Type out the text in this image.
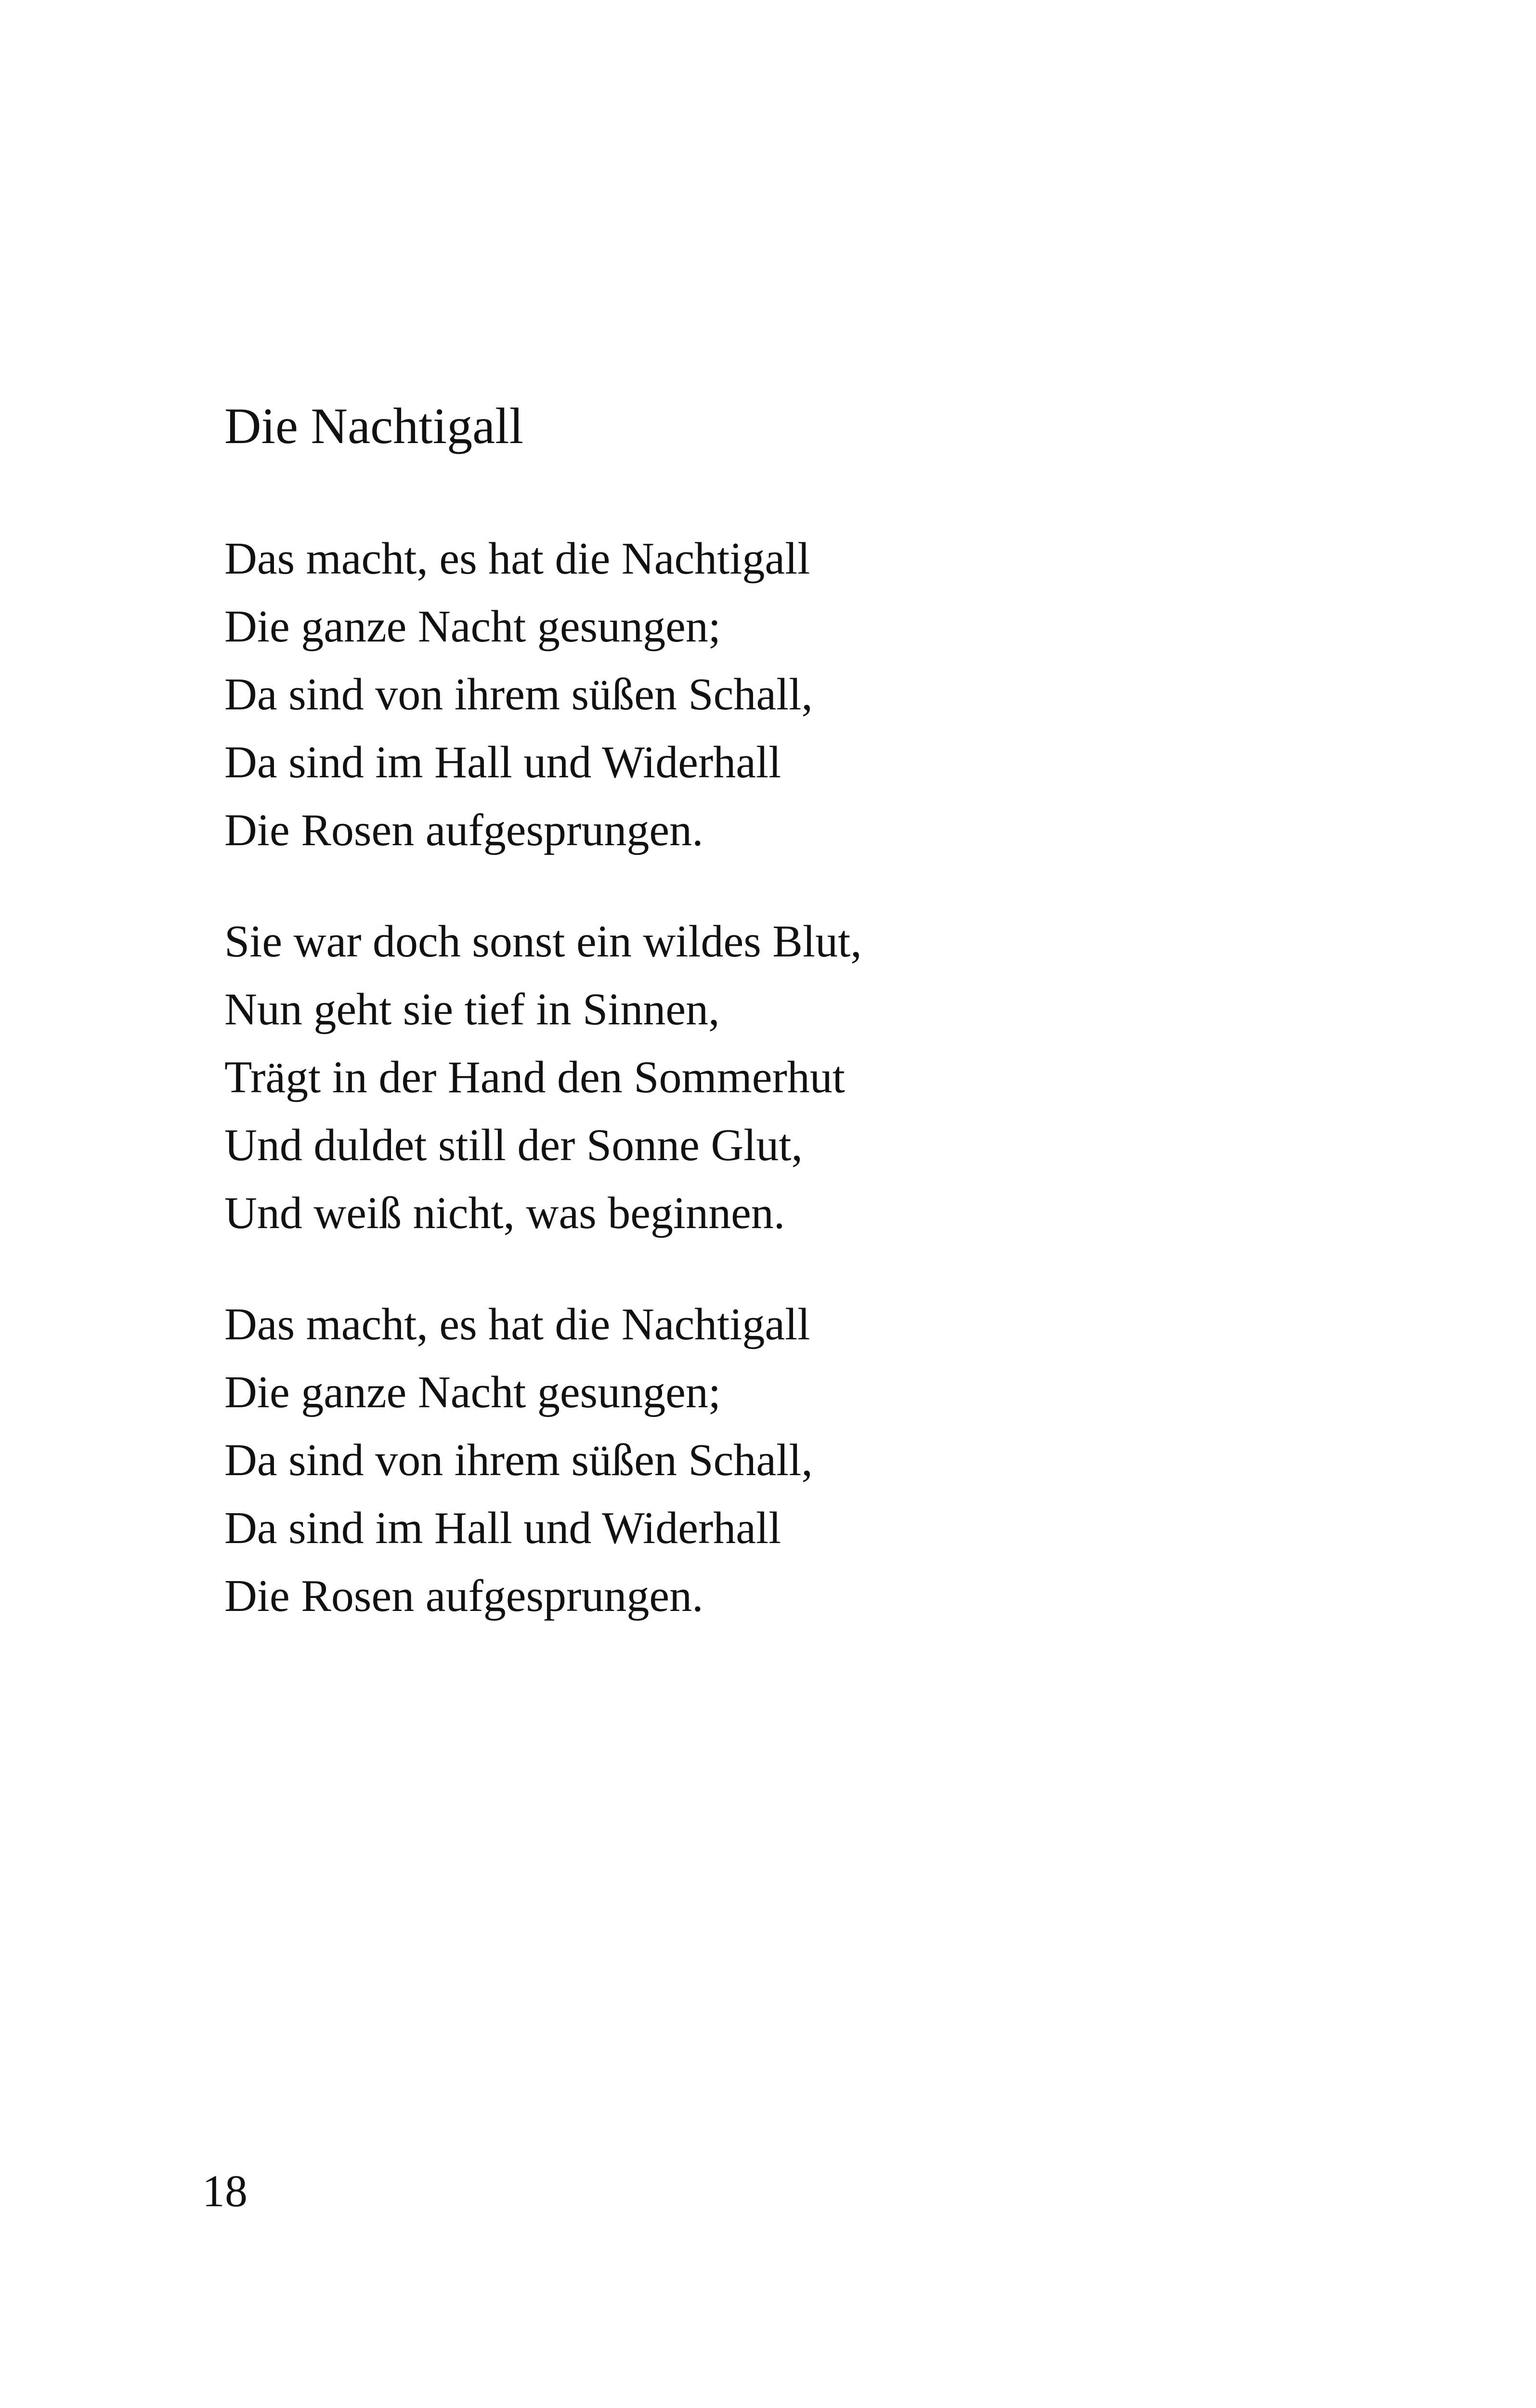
Die Nachtigall
Das macht, es hat die Nachtigall
Die ganze Nacht gesungen;
Da sind von ihrem süßen Schall,
Da sind im Hall und Widerhall
Die Rosen aufgesprungen.
Sie war doch sonst ein wildes Blut,
Nun geht sie tief in Sinnen,
Trägt in der Hand den Sommerhut
Und duldet still der Sonne Glut,
Und weiß nicht, was beginnen.
Das macht, es hat die Nachtigall
Die ganze Nacht gesungen;
Da sind von ihrem süßen Schall,
Da sind im Hall und Widerhall
Die Rosen aufgesprungen.
18
